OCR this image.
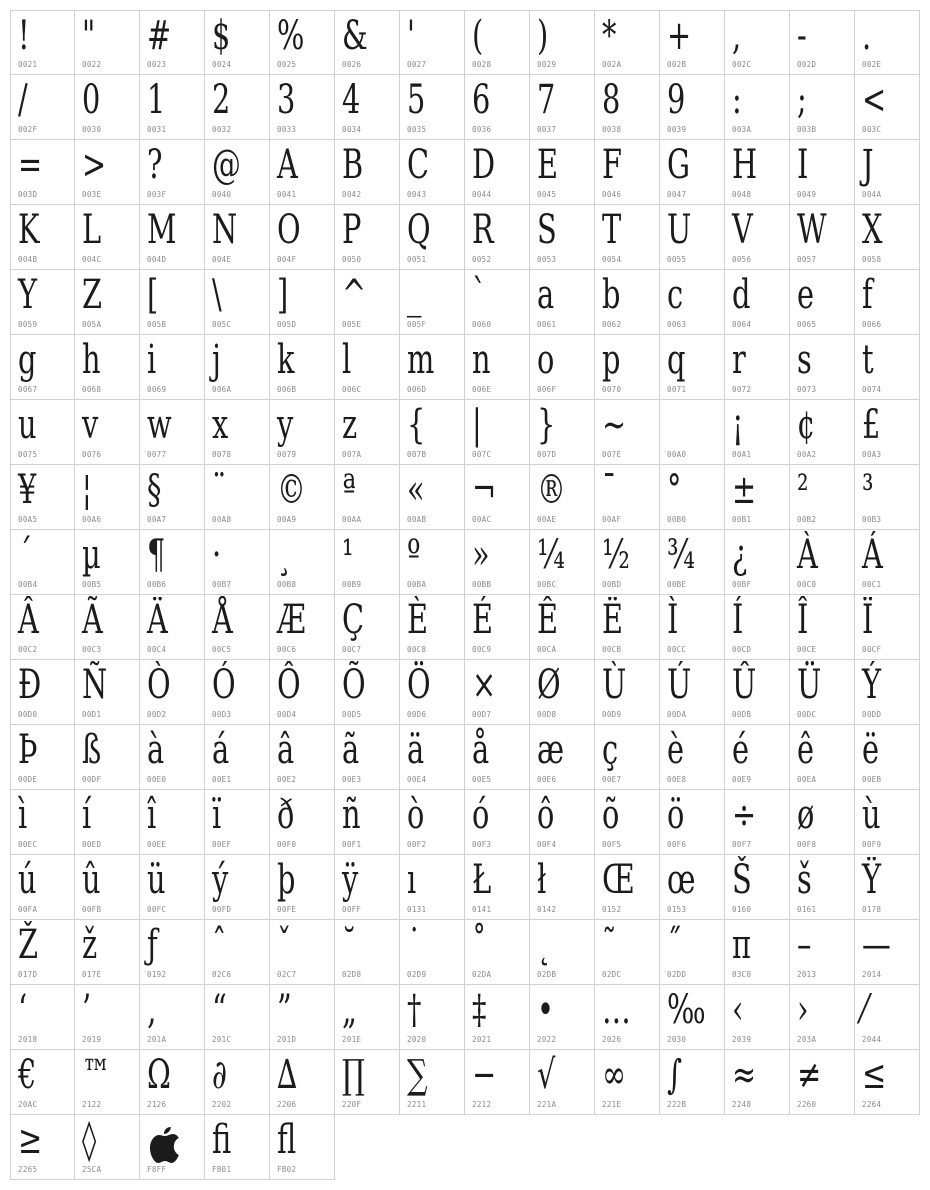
!
0021
"
0022
#
0023
$
0024
%
0025
&
0026
'
0027
(
0028
)
0029
*
002A
+
002B
,
002C
-
002D
.
002E
/
002F
0
0030
1
0031
2
0032
3
0033
4
0034
5
0035
6
0036
7
0037
8
0038
9
0039
:
003A
;
003B
<
003C
=
003D
>
003E
?
003F
@
0040
A
0041
B
0042
C
0043
D
0044
E
0045
F
0046
G
0047
H
0048
I
0049
J
004A
K
004B
L
004C
M
004D
N
004E
O
004F
P
0050
Q
0051
R
0052
S
0053
T
0054
U
0055
V
0056
W
0057
X
0058
Y
0059
Z
005A
[
005B
\
005C
]
005D
^
005E
_
005F
`
0060
a
0061
b
0062
c
0063
d
0064
e
0065
f
0066
g
0067
h
0068
i
0069
j
006A
k
006B
l
006C
m
006D
n
006E
o
006F
p
0070
q
0071
r
0072
s
0073
t
0074
u
0075
v
0076
w
0077
x
0078
y
0079
z
007A
{
007B
|
007C
}
007D
~
007E	00A0
¡
00A1
¢
00A2
£
00A3
¥
00A5
¦
00A6
§
00A7
¨
00A8
©
00A9
ª
00AA
«
00AB
¬
00AC
®
00AE
¯
00AF
°
00B0
±
00B1
²
00B2
³
00B3
´
00B4
µ
00B5
¶
00B6
·
00B7
¸
00B8
¹
00B9
º
00BA
»
00BB
¼
00BC
½
00BD
¾
00BE
¿
00BF
À
00C0
Á
00C1
Â
00C2
Ã
00C3
Ä
00C4
Å
00C5
Æ
00C6
Ç
00C7
È
00C8
É
00C9
Ê
00CA
Ë
00CB
Ì
00CC
Í
00CD
Î
00CE
Ï
00CF
Ð
00D0
Ñ
00D1
Ò
00D2
Ó
00D3
Ô
00D4
Õ
00D5
Ö
00D6
×
00D7
Ø
00D8
Ù
00D9
Ú
00DA
Û
00DB
Ü
00DC
Ý
00DD
Þ
00DE
ß
00DF
à
00E0
á
00E1
â
00E2
ã
00E3
ä
00E4
å
00E5
æ
00E6
ç
00E7
è
00E8
é
00E9
ê
00EA
ë
00EB
ì
00EC
í
00ED
î
00EE
ï
00EF
ð
00F0
ñ
00F1
ò
00F2
ó
00F3
ô
00F4
õ
00F5
ö
00F6
÷
00F7
ø
00F8
ù
00F9
ú
00FA
û
00FB
ü
00FC
ý
00FD
þ
00FE
ÿ
00FF
ı
0131
Ł
0141
ł
0142
Œ
0152
œ
0153
Š
0160
š
0161
Ÿ
0178
Ž
017D
ž
017E
ƒ
0192
ˆ
02C6
ˇ
02C7
˘
02D8
˙
02D9
˚
02DA
˛
02DB
˜
02DC
˝
02DD
π
03C0
–
2013
—
2014
‘
2018
’
2019
‚
201A
“
201C
”
201D
„
201E
†
2020
‡
2021
•
2022
…
2026
‰
2030
‹
2039
›
203A
⁄
2044
€
20AC
™
2122
Ω
2126
∂
2202
∆
2206
∏
220F
∑
2211
−
2212
√
221A
∞
221E
∫
222B
≈
2248
≠
2260
≤
2264
≥
2265
◊
25CA	F8FF
ﬁ
FB01
ﬂ
FB02
